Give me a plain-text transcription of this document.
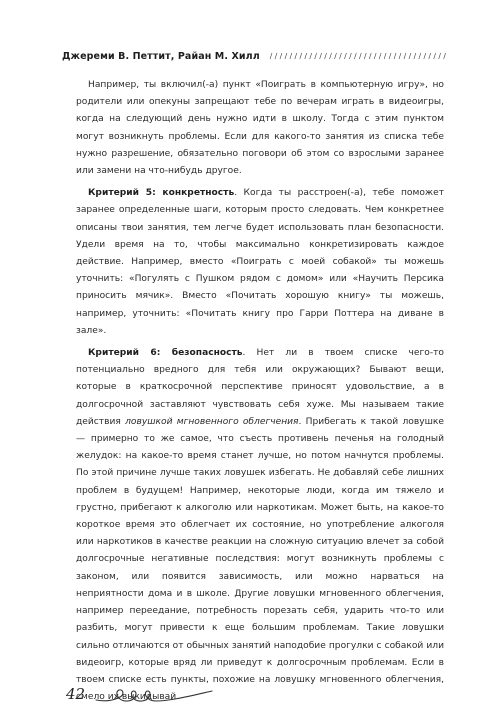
Джереми В. Петтит, Райан М. Хилл

Например, ты включил(-а) пункт «Поиграть в компьютерную игру», но родители или опекуны запрещают тебе по вечерам играть в видеоигры, когда на следующий день нужно идти в школу. Тогда с этим пунктом могут возникнуть проблемы. Если для какого-то занятия из списка тебе нужно разрешение, обязательно поговори об этом со взрослыми заранее или замени на что-нибудь другое.

Критерий 5: конкретность. Когда ты расстроен(-а), тебе поможет заранее определенные шаги, которым просто следовать. Чем конкретнее описаны твои занятия, тем легче будет использовать план безопасности. Удели время на то, чтобы максимально конкретизировать каждое действие. Например, вместо «Поиграть с моей собакой» ты можешь уточнить: «Погулять с Пушком рядом с домом» или «Научить Персика приносить мячик». Вместо «Почитать хорошую книгу» ты можешь, например, уточнить: «Почитать книгу про Гарри Поттера на диване в зале».

Критерий 6: безопасность. Нет ли в твоем списке чего-то потенциально вредного для тебя или окружающих? Бывают вещи, которые в краткосрочной перспективе приносят удовольствие, а в долгосрочной заставляют чувствовать себя хуже. Мы называем такие действия ловушкой мгновенного облегчения. Прибегать к такой ловушке — примерно то же самое, что съесть противень печенья на голодный желудок: на какое-то время станет лучше, но потом начнутся проблемы. По этой причине лучше таких ловушек избегать. Не добавляй себе лишних проблем в будущем! Например, некоторые люди, когда им тяжело и грустно, прибегают к алкоголю или наркотикам. Может быть, на какое-то короткое время это облегчает их состояние, но употребление алкоголя или наркотиков в качестве реакции на сложную ситуацию влечет за собой долгосрочные негативные последствия: могут возникнуть проблемы с законом, или появится зависимость, или можно нарваться на неприятности дома и в школе. Другие ловушки мгновенного облегчения, например переедание, потребность порезать себя, ударить что-то или разбить, могут привести к еще большим проблемам. Такие ловушки сильно отличаются от обычных занятий наподобие прогулки с собакой или видеоигр, которые вряд ли приведут к долгосрочным проблемам. Если в твоем списке есть пункты, похожие на ловушку мгновенного облегчения, смело их выкидывай.

42
